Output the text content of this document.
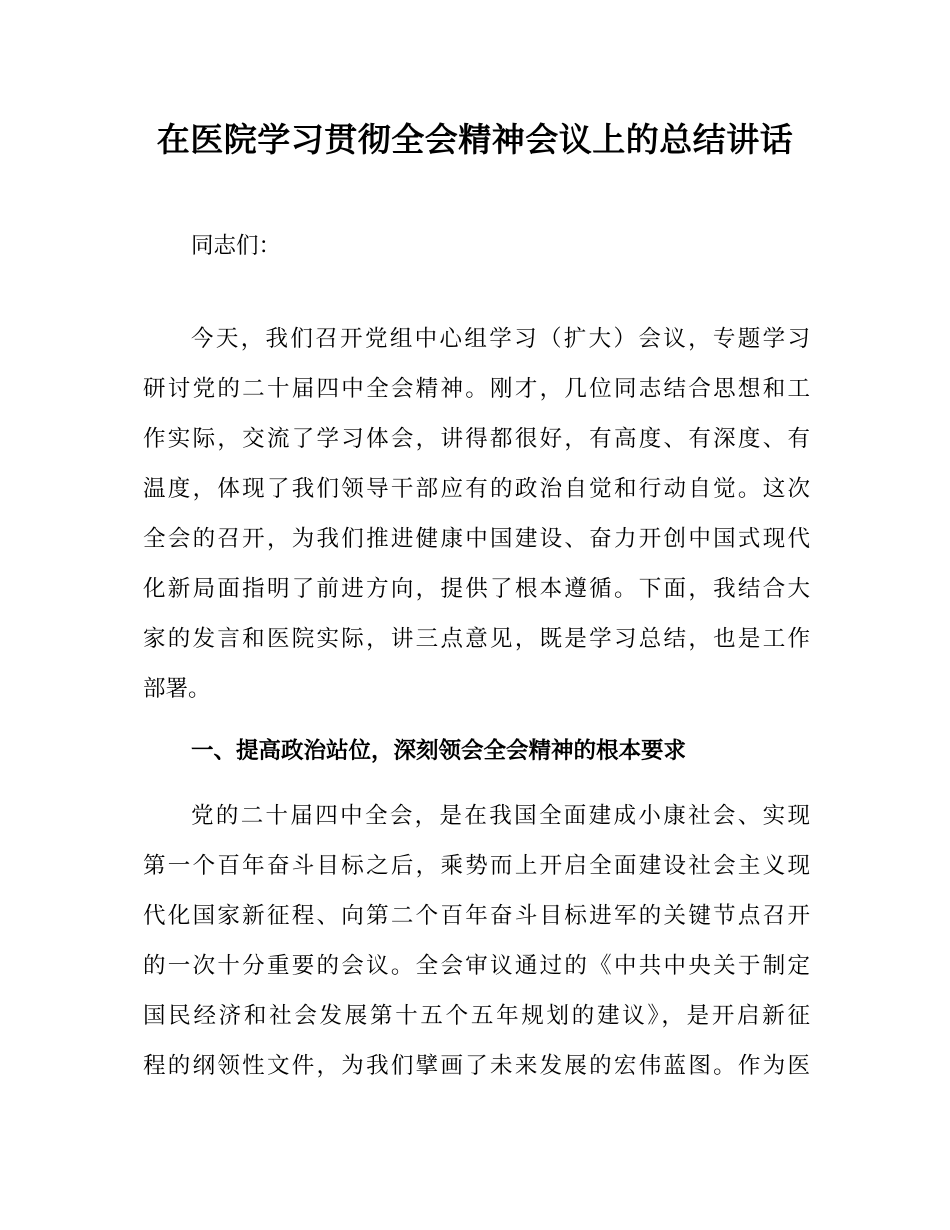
在医院学习贯彻全会精神会议上的总结讲话
同志们：
今天，我们召开党组中心组学习（扩大）会议，专题学习
研讨党的二十届四中全会精神。刚才，几位同志结合思想和工
作实际，交流了学习体会，讲得都很好，有高度、有深度、有
温度，体现了我们领导干部应有的政治自觉和行动自觉。这次
全会的召开，为我们推进健康中国建设、奋力开创中国式现代
化新局面指明了前进方向，提供了根本遵循。下面，我结合大
家的发言和医院实际，讲三点意见，既是学习总结，也是工作
部署。
一、提高政治站位，深刻领会全会精神的根本要求
党的二十届四中全会，是在我国全面建成小康社会、实现
第一个百年奋斗目标之后，乘势而上开启全面建设社会主义现
代化国家新征程、向第二个百年奋斗目标进军的关键节点召开
的一次十分重要的会议。全会审议通过的《中共中央关于制定
国民经济和社会发展第十五个五年规划的建议》，是开启新征
程的纲领性文件，为我们擘画了未来发展的宏伟蓝图。作为医
